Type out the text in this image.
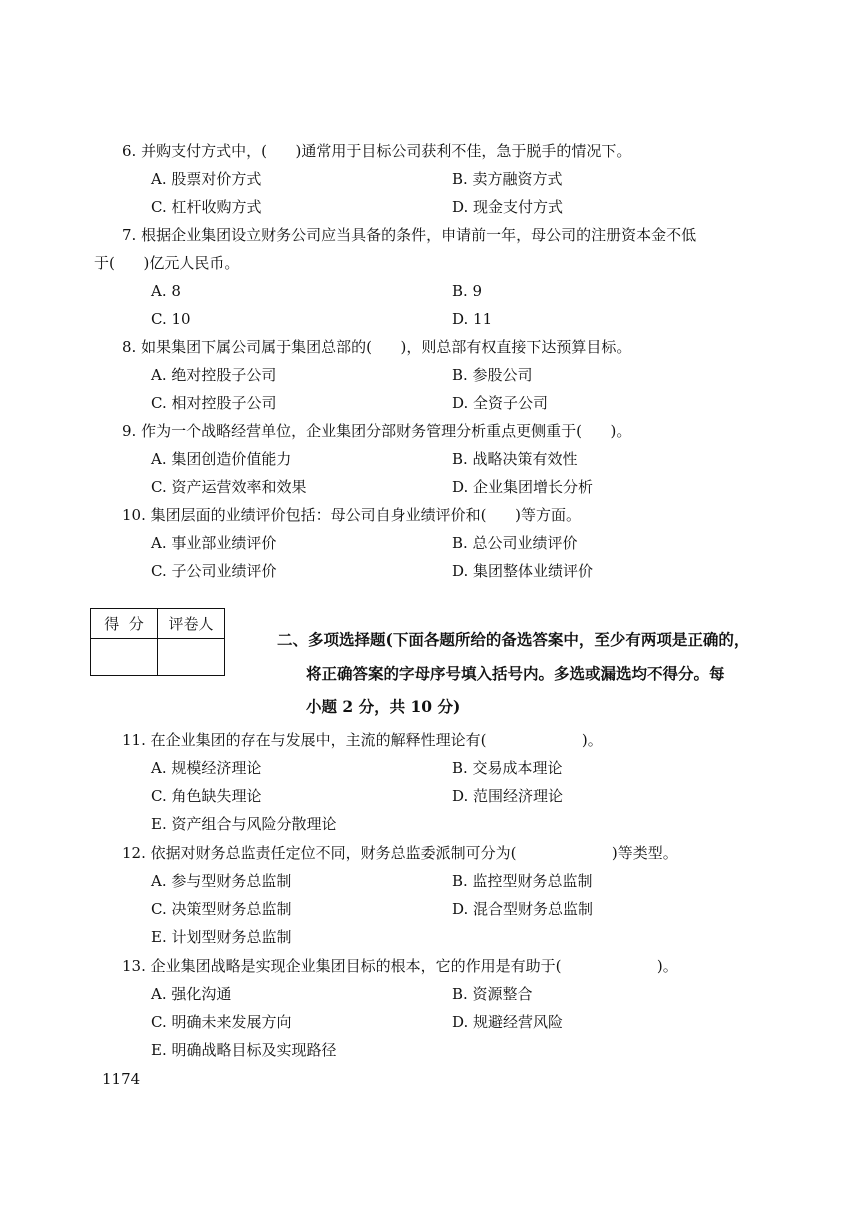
6. 并购支付方式中，(      )通常用于目标公司获利不佳，急于脱手的情况下。
A. 股票对价方式	B. 卖方融资方式
C. 杠杆收购方式	D. 现金支付方式
7. 根据企业集团设立财务公司应当具备的条件，申请前一年，母公司的注册资本金不低
于(      )亿元人民币。
A. 8	B. 9
C. 10	D. 11
8. 如果集团下属公司属于集团总部的(      )，则总部有权直接下达预算目标。
A. 绝对控股子公司	B. 参股公司
C. 相对控股子公司	D. 全资子公司
9. 作为一个战略经营单位，企业集团分部财务管理分析重点更侧重于(      )。
A. 集团创造价值能力	B. 战略决策有效性
C. 资产运营效率和效果	D. 企业集团增长分析
10. 集团层面的业绩评价包括：母公司自身业绩评价和(      )等方面。
A. 事业部业绩评价	B. 总公司业绩评价
C. 子公司业绩评价	D. 集团整体业绩评价
得  分	评卷人

二、多项选择题(下面各题所给的备选答案中，至少有两项是正确的，
将正确答案的字母序号填入括号内。多选或漏选均不得分。每
小题 2 分，共 10 分)
11. 在企业集团的存在与发展中，主流的解释性理论有(                    )。
A. 规模经济理论	B. 交易成本理论
C. 角色缺失理论	D. 范围经济理论
E. 资产组合与风险分散理论
12. 依据对财务总监责任定位不同，财务总监委派制可分为(                    )等类型。
A. 参与型财务总监制	B. 监控型财务总监制
C. 决策型财务总监制	D. 混合型财务总监制
E. 计划型财务总监制
13. 企业集团战略是实现企业集团目标的根本，它的作用是有助于(                    )。
A. 强化沟通	B. 资源整合
C. 明确未来发展方向	D. 规避经营风险
E. 明确战略目标及实现路径
1174
